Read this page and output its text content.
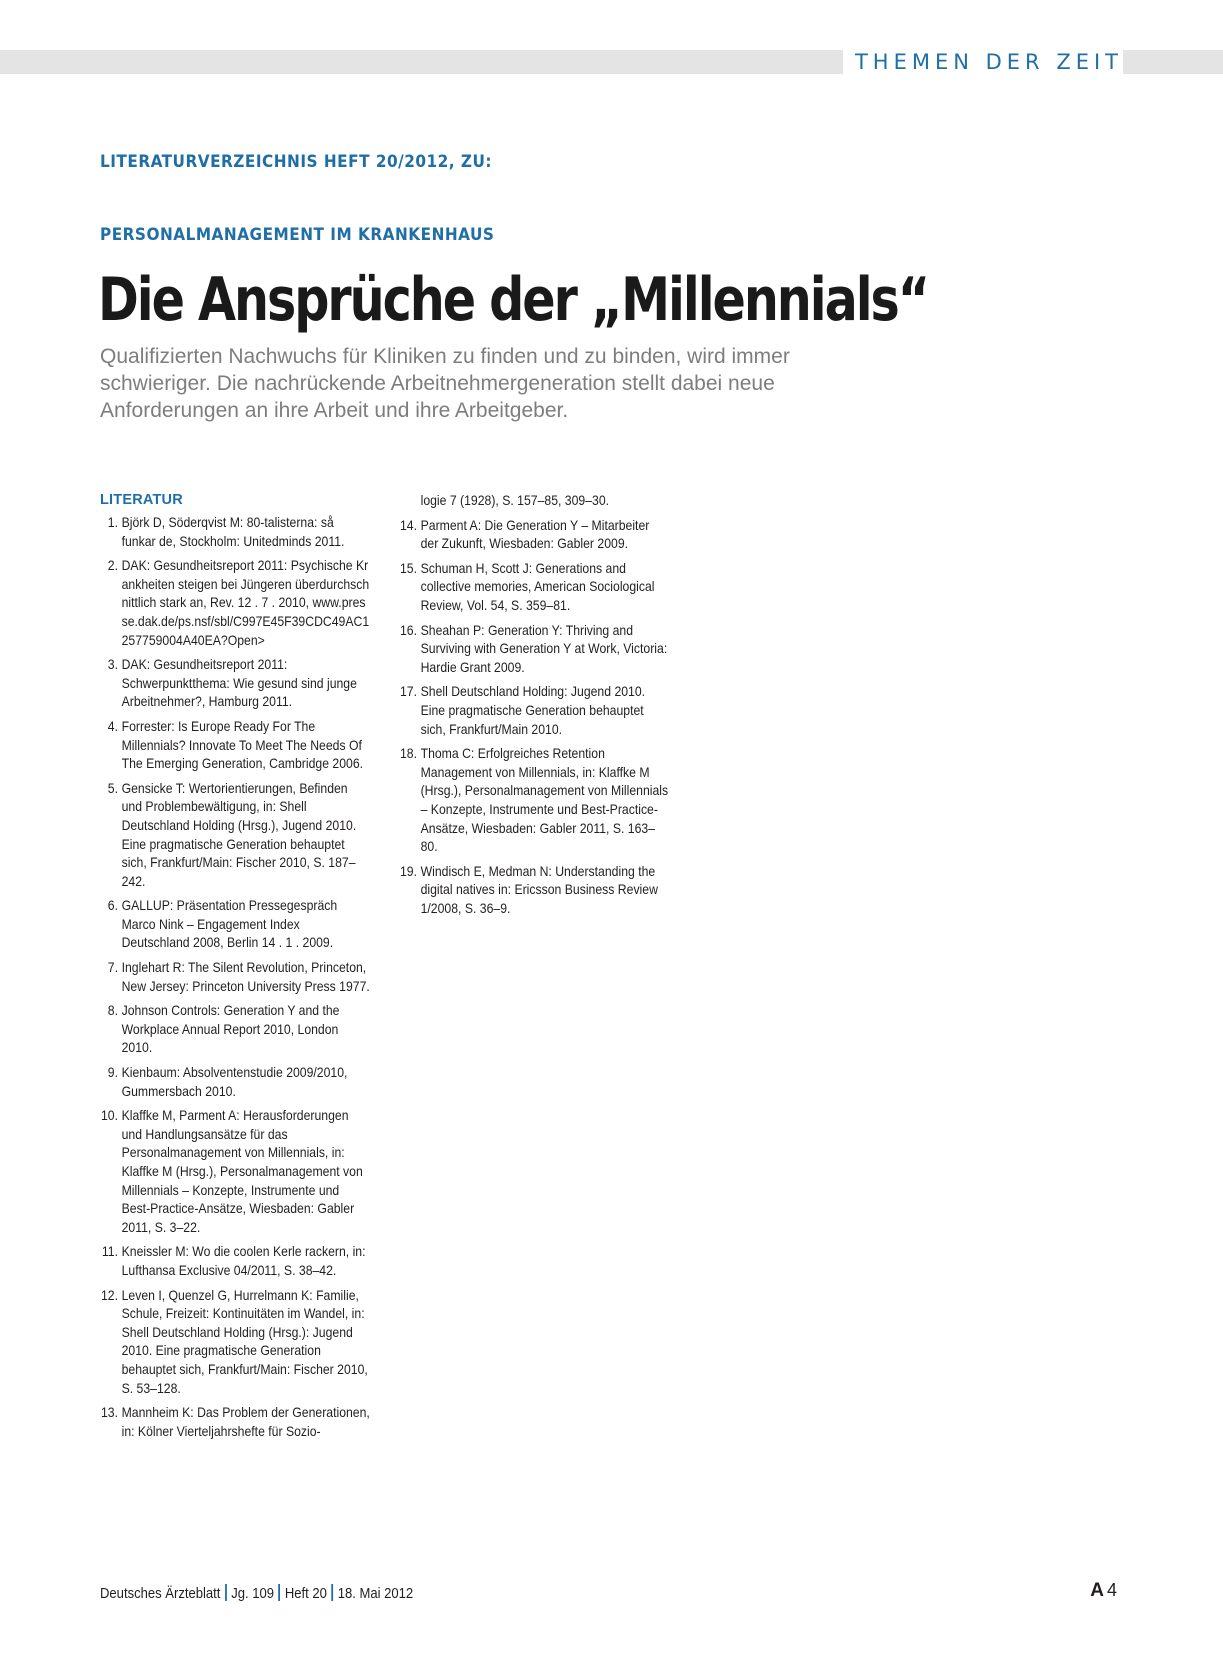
THEMEN DER ZEIT
LITERATURVERZEICHNIS HEFT 20/2012, ZU:
PERSONALMANAGEMENT IM KRANKENHAUS
Die Ansprüche der „Millennials“

Qualifizierten Nachwuchs für Kliniken zu finden und zu binden, wird immer schwieriger. Die nachrückende Arbeitnehmergeneration stellt dabei neue Anforderungen an ihre Arbeit und ihre Arbeitgeber.

LITERATUR
1. Björk D, Söderqvist M: 80-talisterna: så funkar de, Stockholm: Unitedminds 2011.
2. DAK: Gesundheitsreport 2011: Psychische Krankheiten steigen bei Jüngeren überdurchschnittlich stark an, Rev. 12 . 7 . 2010, www.presse.dak.de/ps.nsf/sbl/C997E45F39CDC49AC1257759004A40EA?Open>
3. DAK: Gesundheitsreport 2011: Schwerpunktthema: Wie gesund sind junge Arbeitnehmer?, Hamburg 2011.
4. Forrester: Is Europe Ready For The Millennials? Innovate To Meet The Needs Of The Emerging Generation, Cambridge 2006.
5. Gensicke T: Wertorientierungen, Befinden und Problembewältigung, in: Shell Deutschland Holding (Hrsg.), Jugend 2010. Eine pragmatische Generation behauptet sich, Frankfurt/Main: Fischer 2010, S. 187–242.
6. GALLUP: Präsentation Pressegespräch Marco Nink – Engagement Index Deutschland 2008, Berlin 14 . 1 . 2009.
7. Inglehart R: The Silent Revolution, Princeton, New Jersey: Princeton University Press 1977.
8. Johnson Controls: Generation Y and the Workplace Annual Report 2010, London 2010.
9. Kienbaum: Absolventenstudie 2009/2010, Gummersbach 2010.
10. Klaffke M, Parment A: Herausforderungen und Handlungsansätze für das Personalmanagement von Millennials, in: Klaffke M (Hrsg.), Personalmanagement von Millennials – Konzepte, Instrumente und Best-Practice-Ansätze, Wiesbaden: Gabler 2011, S. 3–22.
11. Kneissler M: Wo die coolen Kerle rackern, in: Lufthansa Exclusive 04/2011, S. 38–42.
12. Leven I, Quenzel G, Hurrelmann K: Familie, Schule, Freizeit: Kontinuitäten im Wandel, in: Shell Deutschland Holding (Hrsg.): Jugend 2010. Eine pragmatische Generation behauptet sich, Frankfurt/Main: Fischer 2010, S. 53–128.
13. Mannheim K: Das Problem der Generationen, in: Kölner Vierteljahrshefte für Sozio-
logie 7 (1928), S. 157–85, 309–30.
14. Parment A: Die Generation Y – Mitarbeiter der Zukunft, Wiesbaden: Gabler 2009.
15. Schuman H, Scott J: Generations and collective memories, American Sociological Review, Vol. 54, S. 359–81.
16. Sheahan P: Generation Y: Thriving and Surviving with Generation Y at Work, Victoria: Hardie Grant 2009.
17. Shell Deutschland Holding: Jugend 2010. Eine pragmatische Generation behauptet sich, Frankfurt/Main 2010.
18. Thoma C: Erfolgreiches Retention Management von Millennials, in: Klaffke M (Hrsg.), Personalmanagement von Millennials – Konzepte, Instrumente und Best-Practice-Ansätze, Wiesbaden: Gabler 2011, S. 163–80.
19. Windisch E, Medman N: Understanding the digital natives in: Ericsson Business Review 1/2008, S. 36–9.
Deutsches Ärzteblatt Jg. 109 Heft 20 18. Mai 2012	A 4
